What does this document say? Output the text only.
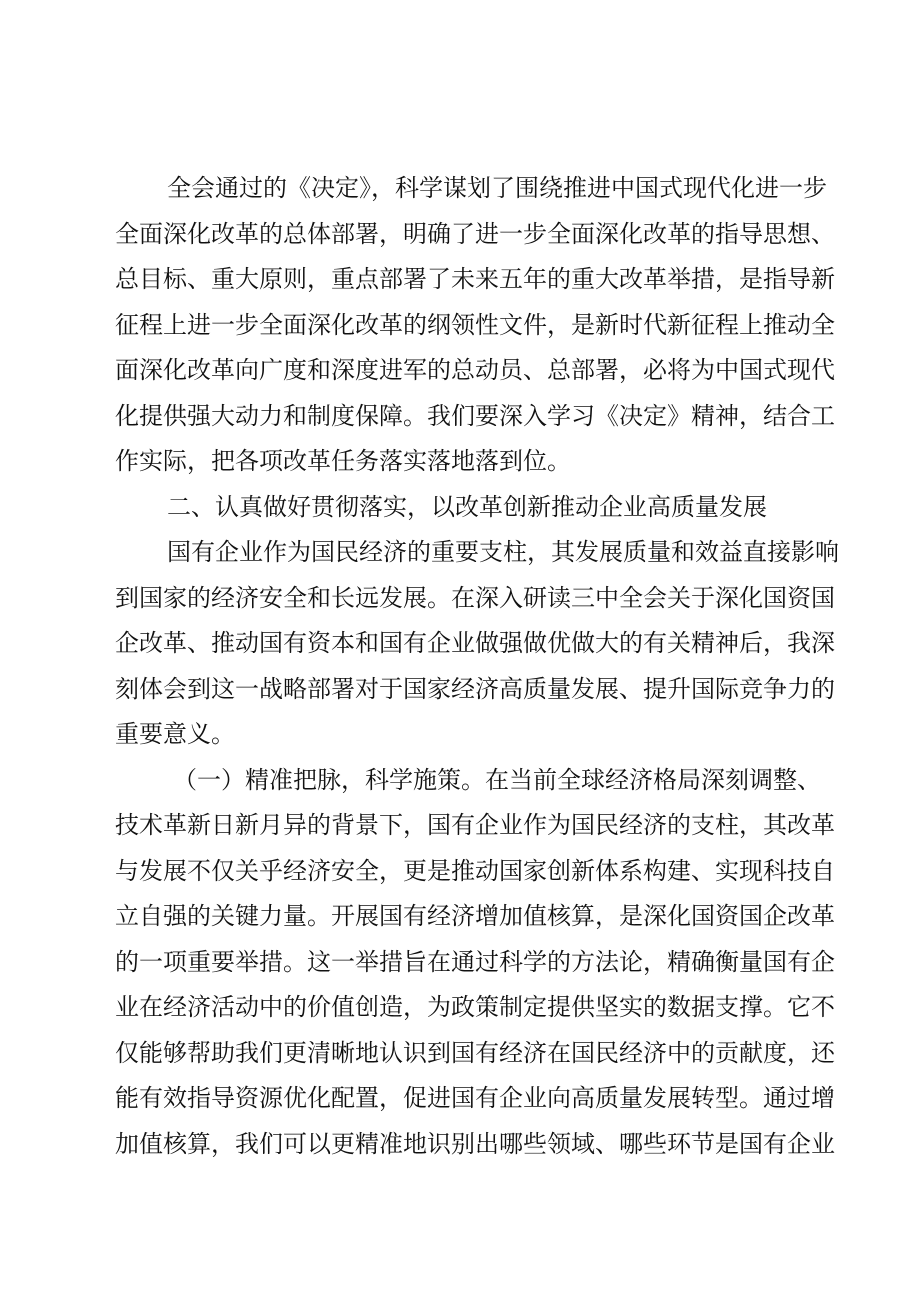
全会通过的《决定》，科学谋划了围绕推进中国式现代化进一步
全面深化改革的总体部署，明确了进一步全面深化改革的指导思想、
总目标、重大原则，重点部署了未来五年的重大改革举措，是指导新
征程上进一步全面深化改革的纲领性文件，是新时代新征程上推动全
面深化改革向广度和深度进军的总动员、总部署，必将为中国式现代
化提供强大动力和制度保障。我们要深入学习《决定》精神，结合工
作实际，把各项改革任务落实落地落到位。
二、认真做好贯彻落实，以改革创新推动企业高质量发展
国有企业作为国民经济的重要支柱，其发展质量和效益直接影响
到国家的经济安全和长远发展。在深入研读三中全会关于深化国资国
企改革、推动国有资本和国有企业做强做优做大的有关精神后，我深
刻体会到这一战略部署对于国家经济高质量发展、提升国际竞争力的
重要意义。
（一）精准把脉，科学施策。在当前全球经济格局深刻调整、
技术革新日新月异的背景下，国有企业作为国民经济的支柱，其改革
与发展不仅关乎经济安全，更是推动国家创新体系构建、实现科技自
立自强的关键力量。开展国有经济增加值核算，是深化国资国企改革
的一项重要举措。这一举措旨在通过科学的方法论，精确衡量国有企
业在经济活动中的价值创造，为政策制定提供坚实的数据支撑。它不
仅能够帮助我们更清晰地认识到国有经济在国民经济中的贡献度，还
能有效指导资源优化配置，促进国有企业向高质量发展转型。通过增
加值核算，我们可以更精准地识别出哪些领域、哪些环节是国有企业
